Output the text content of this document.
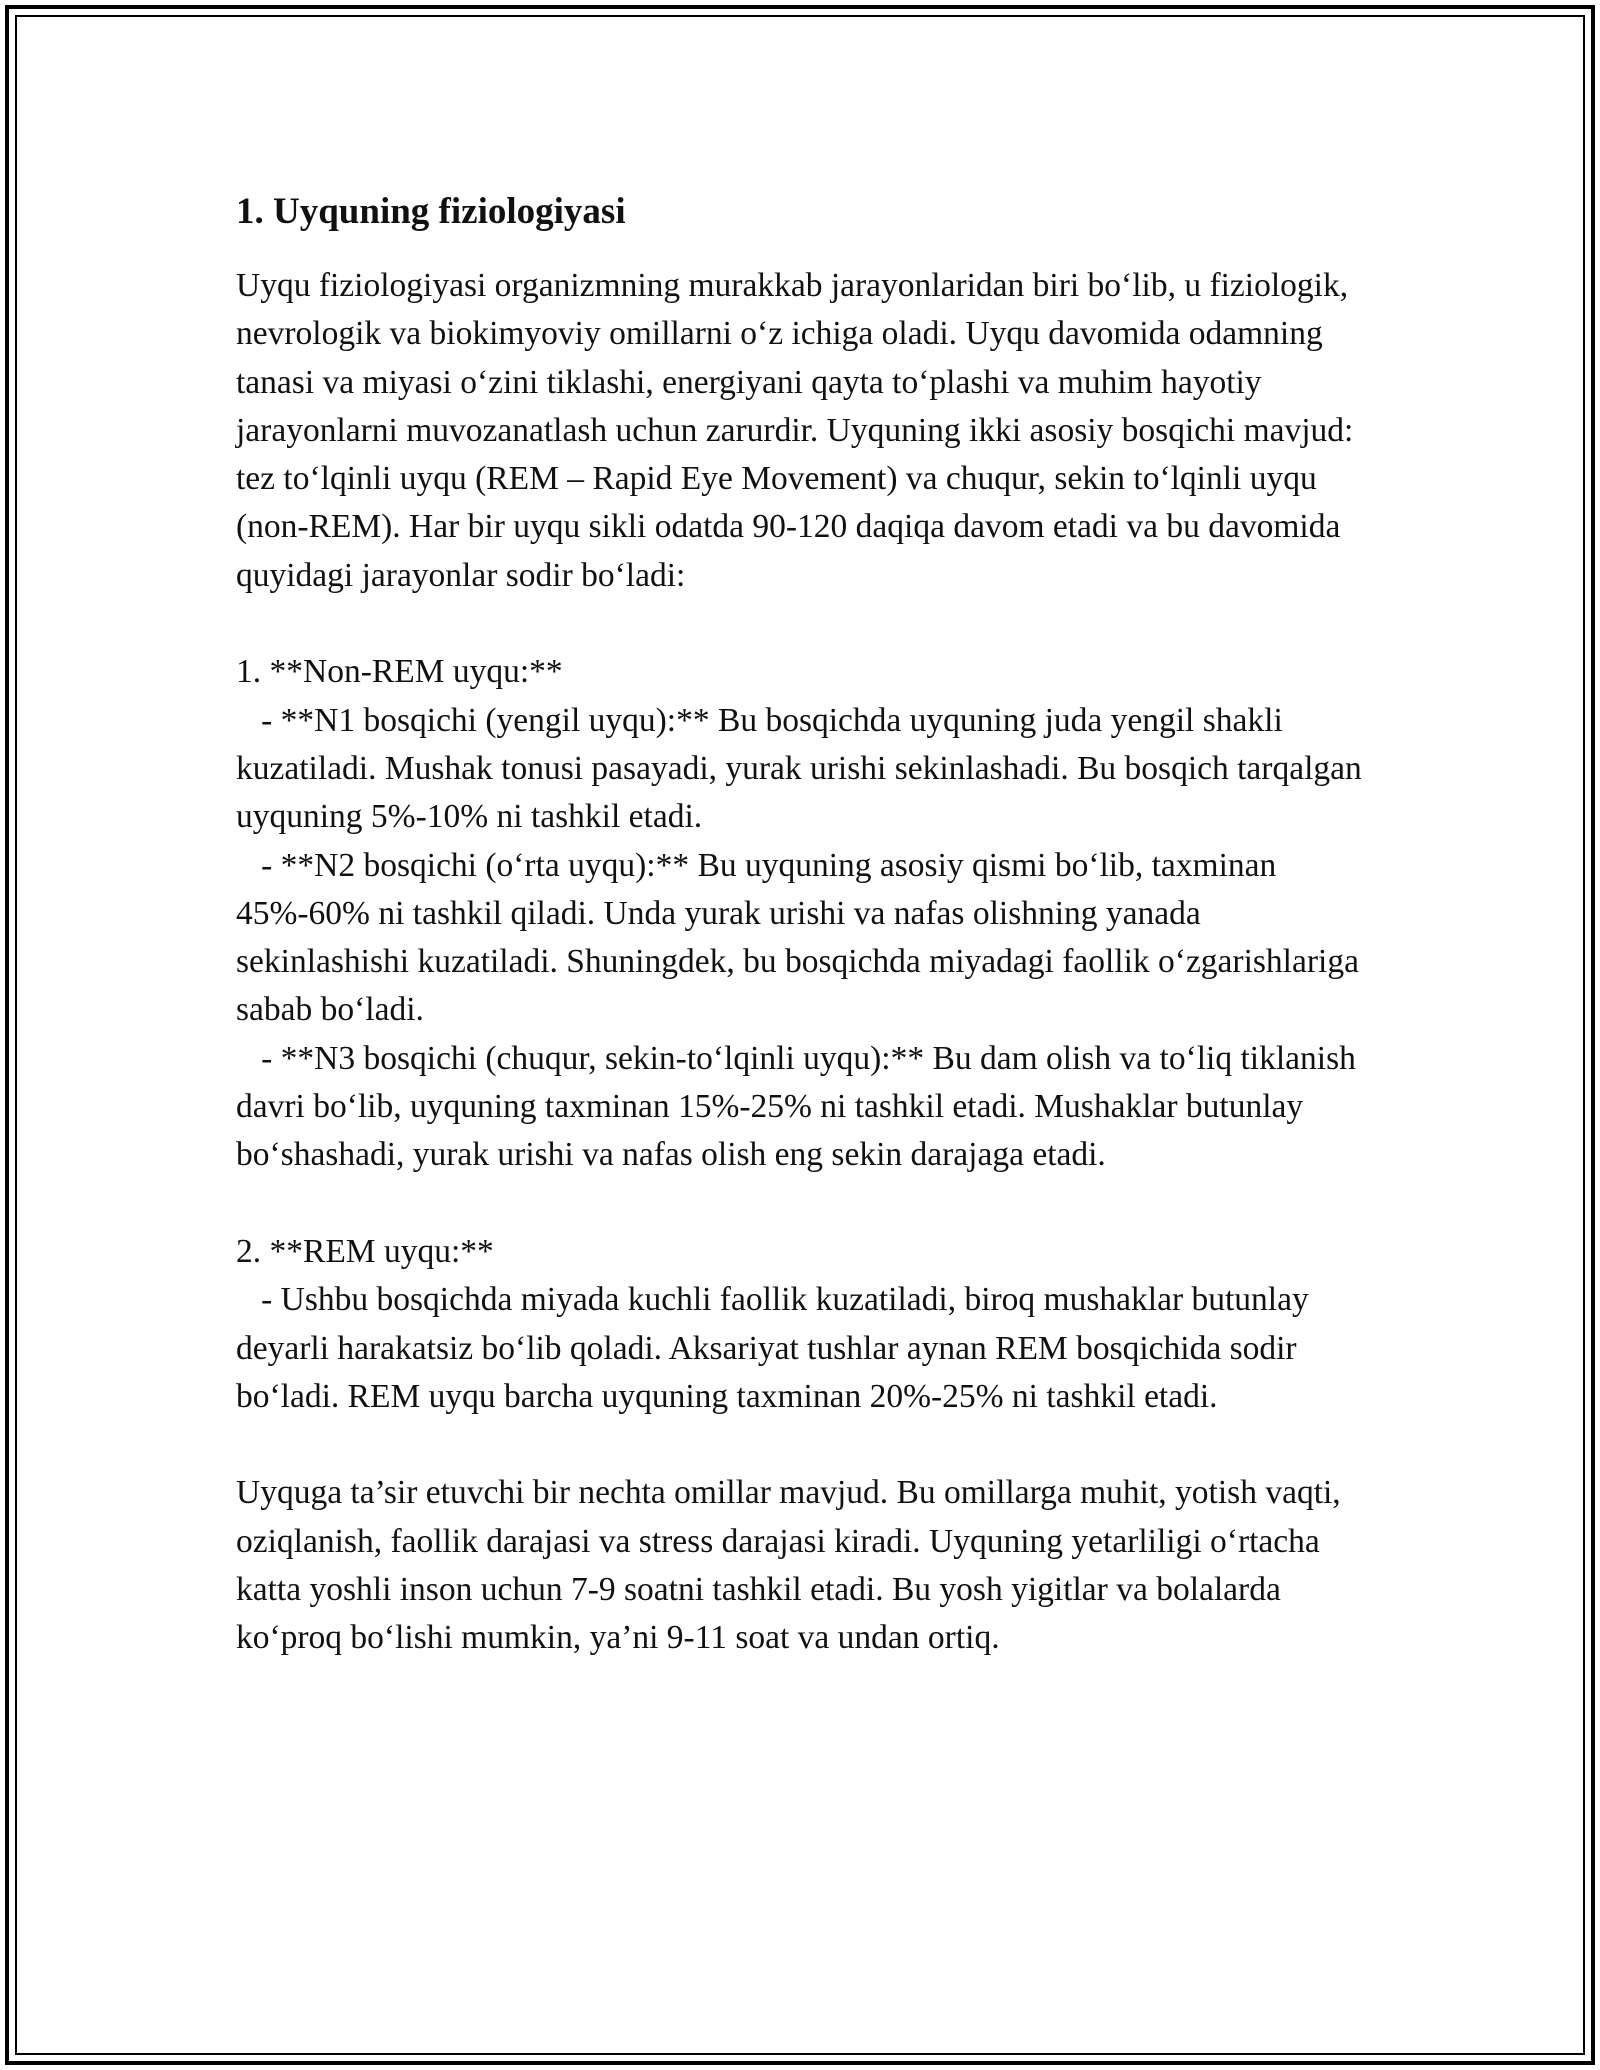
1. Uyquning fiziologiyasi

Uyqu fiziologiyasi organizmning murakkab jarayonlaridan biri bo‘lib, u fiziologik, nevrologik va biokimyoviy omillarni o‘z ichiga oladi. Uyqu davomida odamning tanasi va miyasi o‘zini tiklashi, energiyani qayta to‘plashi va muhim hayotiy jarayonlarni muvozanatlash uchun zarurdir. Uyquning ikki asosiy bosqichi mavjud: tez to‘lqinli uyqu (REM – Rapid Eye Movement) va chuqur, sekin to‘lqinli uyqu (non-REM). Har bir uyqu sikli odatda 90-120 daqiqa davom etadi va bu davomida quyidagi jarayonlar sodir bo‘ladi:

1. **Non-REM uyqu:**

- **N1 bosqichi (yengil uyqu):** Bu bosqichda uyquning juda yengil shakli kuzatiladi. Mushak tonusi pasayadi, yurak urishi sekinlashadi. Bu bosqich tarqalgan uyquning 5%-10% ni tashkil etadi.

- **N2 bosqichi (o‘rta uyqu):** Bu uyquning asosiy qismi bo‘lib, taxminan 45%-60% ni tashkil qiladi. Unda yurak urishi va nafas olishning yanada sekinlashishi kuzatiladi. Shuningdek, bu bosqichda miyadagi faollik o‘zgarishlariga sabab bo‘ladi.

- **N3 bosqichi (chuqur, sekin-to‘lqinli uyqu):** Bu dam olish va to‘liq tiklanish davri bo‘lib, uyquning taxminan 15%-25% ni tashkil etadi. Mushaklar butunlay bo‘shashadi, yurak urishi va nafas olish eng sekin darajaga etadi.

2. **REM uyqu:**

- Ushbu bosqichda miyada kuchli faollik kuzatiladi, biroq mushaklar butunlay deyarli harakatsiz bo‘lib qoladi. Aksariyat tushlar aynan REM bosqichida sodir bo‘ladi. REM uyqu barcha uyquning taxminan 20%-25% ni tashkil etadi.

Uyquga ta’sir etuvchi bir nechta omillar mavjud. Bu omillarga muhit, yotish vaqti, oziqlanish, faollik darajasi va stress darajasi kiradi. Uyquning yetarliligi o‘rtacha katta yoshli inson uchun 7-9 soatni tashkil etadi. Bu yosh yigitlar va bolalarda ko‘proq bo‘lishi mumkin, ya’ni 9-11 soat va undan ortiq.
